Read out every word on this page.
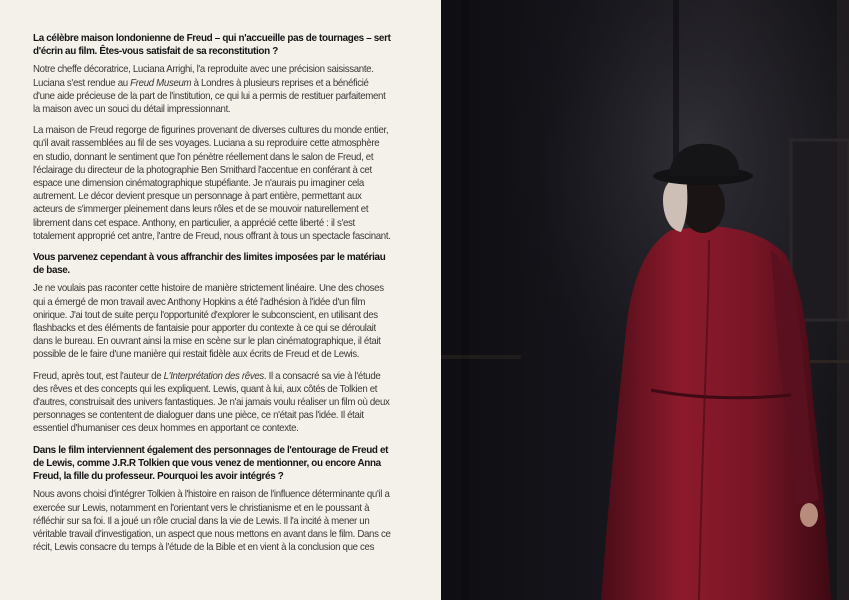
La célèbre maison londonienne de Freud – qui n'accueille pas de tournages – sert d'écrin au film. Êtes-vous satisfait de sa reconstitution ?

Notre cheffe décoratrice, Luciana Arrighi, l'a reproduite avec une précision saisissante. Luciana s'est rendue au Freud Museum à Londres à plusieurs reprises et a bénéficié d'une aide précieuse de la part de l'institution, ce qui lui a permis de restituer parfaitement la maison avec un souci du détail impressionnant.

La maison de Freud regorge de figurines provenant de diverses cultures du monde entier, qu'il avait rassemblées au fil de ses voyages. Luciana a su reproduire cette atmosphère en studio, donnant le sentiment que l'on pénètre réellement dans le salon de Freud, et l'éclairage du directeur de la photographie Ben Smithard l'accentue en conférant à cet espace une dimension cinématographique stupéfiante. Je n'aurais pu imaginer cela autrement. Le décor devient presque un personnage à part entière, permettant aux acteurs de s'immerger pleinement dans leurs rôles et de se mouvoir naturellement et librement dans cet espace. Anthony, en particulier, a apprécié cette liberté : il s'est totalement approprié cet antre, l'antre de Freud, nous offrant à tous un spectacle fascinant.

Vous parvenez cependant à vous affranchir des limites imposées par le matériau de base.

Je ne voulais pas raconter cette histoire de manière strictement linéaire. Une des choses qui a émergé de mon travail avec Anthony Hopkins a été l'adhésion à l'idée d'un film onirique. J'ai tout de suite perçu l'opportunité d'explorer le subconscient, en utilisant des flashbacks et des éléments de fantaisie pour apporter du contexte à ce qui se déroulait dans le bureau. En ouvrant ainsi la mise en scène sur le plan cinématographique, il était possible de le faire d'une manière qui restait fidèle aux écrits de Freud et de Lewis.

Freud, après tout, est l'auteur de L'Interprétation des rêves. Il a consacré sa vie à l'étude des rêves et des concepts qui les expliquent. Lewis, quant à lui, aux côtés de Tolkien et d'autres, construisait des univers fantastiques. Je n'ai jamais voulu réaliser un film où deux personnages se contentent de dialoguer dans une pièce, ce n'était pas l'idée. Il était essentiel d'humaniser ces deux hommes en apportant ce contexte.

Dans le film interviennent également des personnages de l'entourage de Freud et de Lewis, comme J.R.R Tolkien que vous venez de mentionner, ou encore Anna Freud, la fille du professeur. Pourquoi les avoir intégrés ?

Nous avons choisi d'intégrer Tolkien à l'histoire en raison de l'influence déterminante qu'il a exercée sur Lewis, notamment en l'orientant vers le christianisme et en le poussant à réfléchir sur sa foi. Il a joué un rôle crucial dans la vie de Lewis. Il l'a incité à mener un véritable travail d'investigation, un aspect que nous mettons en avant dans le film. Dans ce récit, Lewis consacre du temps à l'étude de la Bible et en vient à la conclusion que ces
